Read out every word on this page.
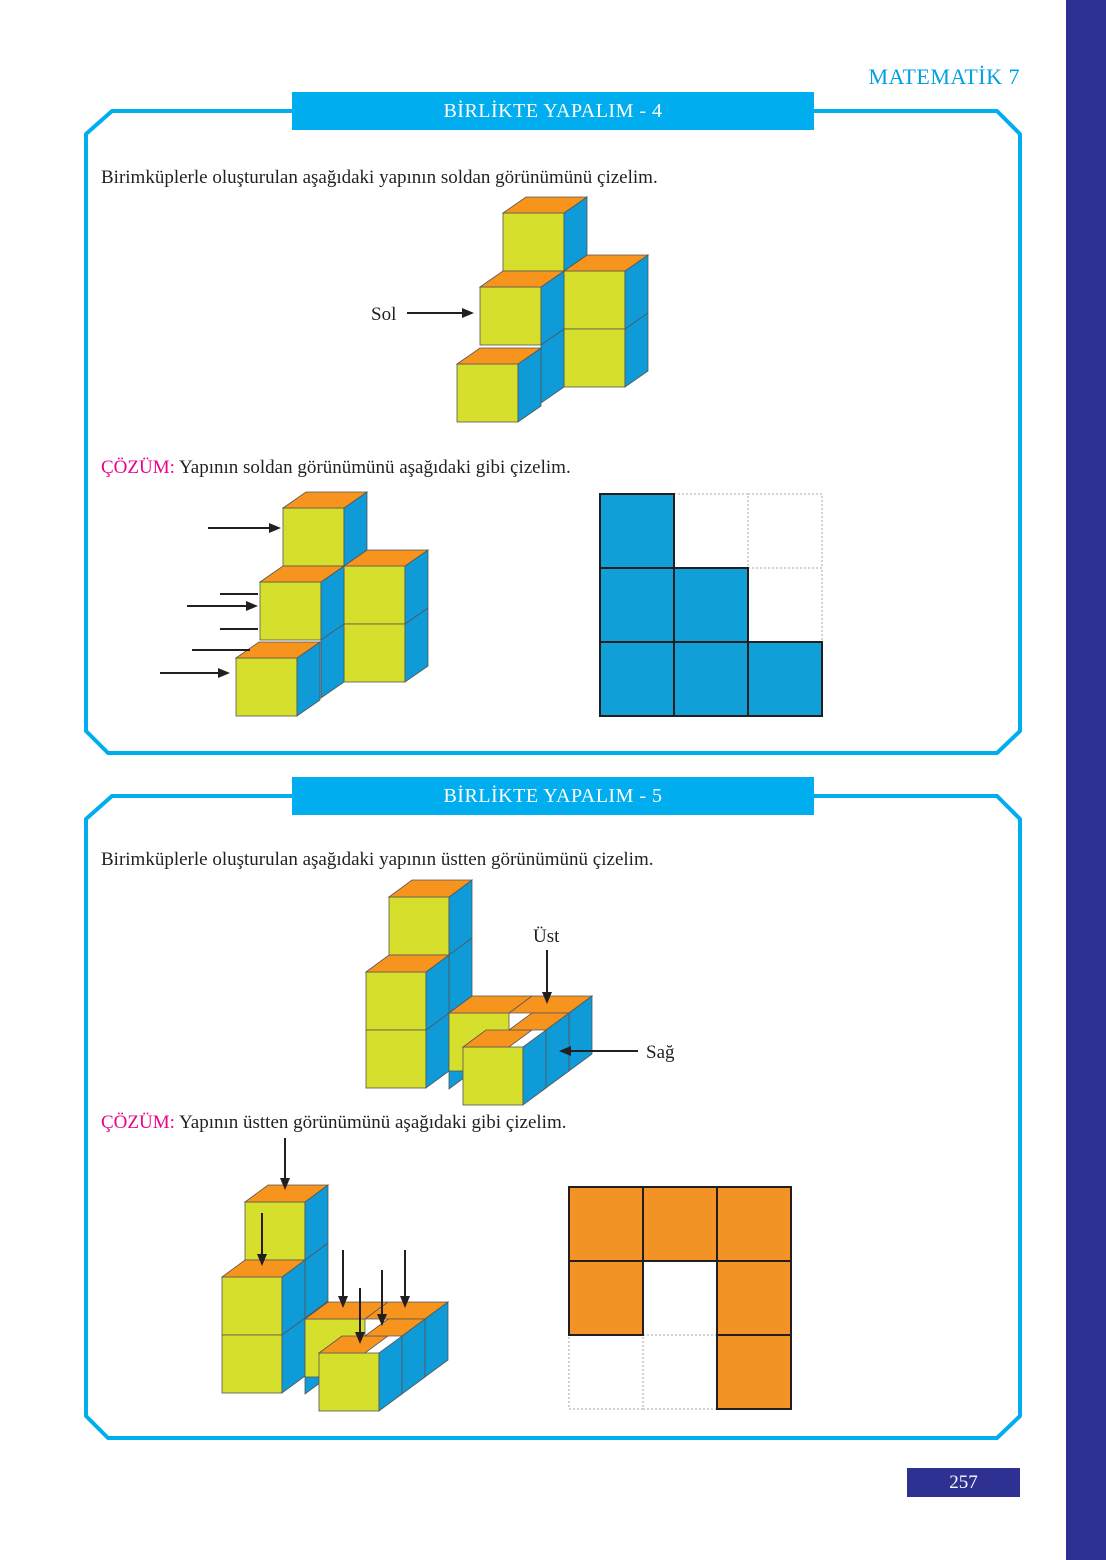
MATEMATİK 7
BİRLİKTE YAPALIM - 4
Birimküplerle oluşturulan aşağıdaki yapının soldan görünümünü çizelim.
Sol
ÇÖZÜM: Yapının soldan görünümünü aşağıdaki gibi çizelim.
BİRLİKTE YAPALIM - 5
Birimküplerle oluşturulan aşağıdaki yapının üstten görünümünü çizelim.
Üst
Sağ
ÇÖZÜM: Yapının üstten görünümünü aşağıdaki gibi çizelim.
257
